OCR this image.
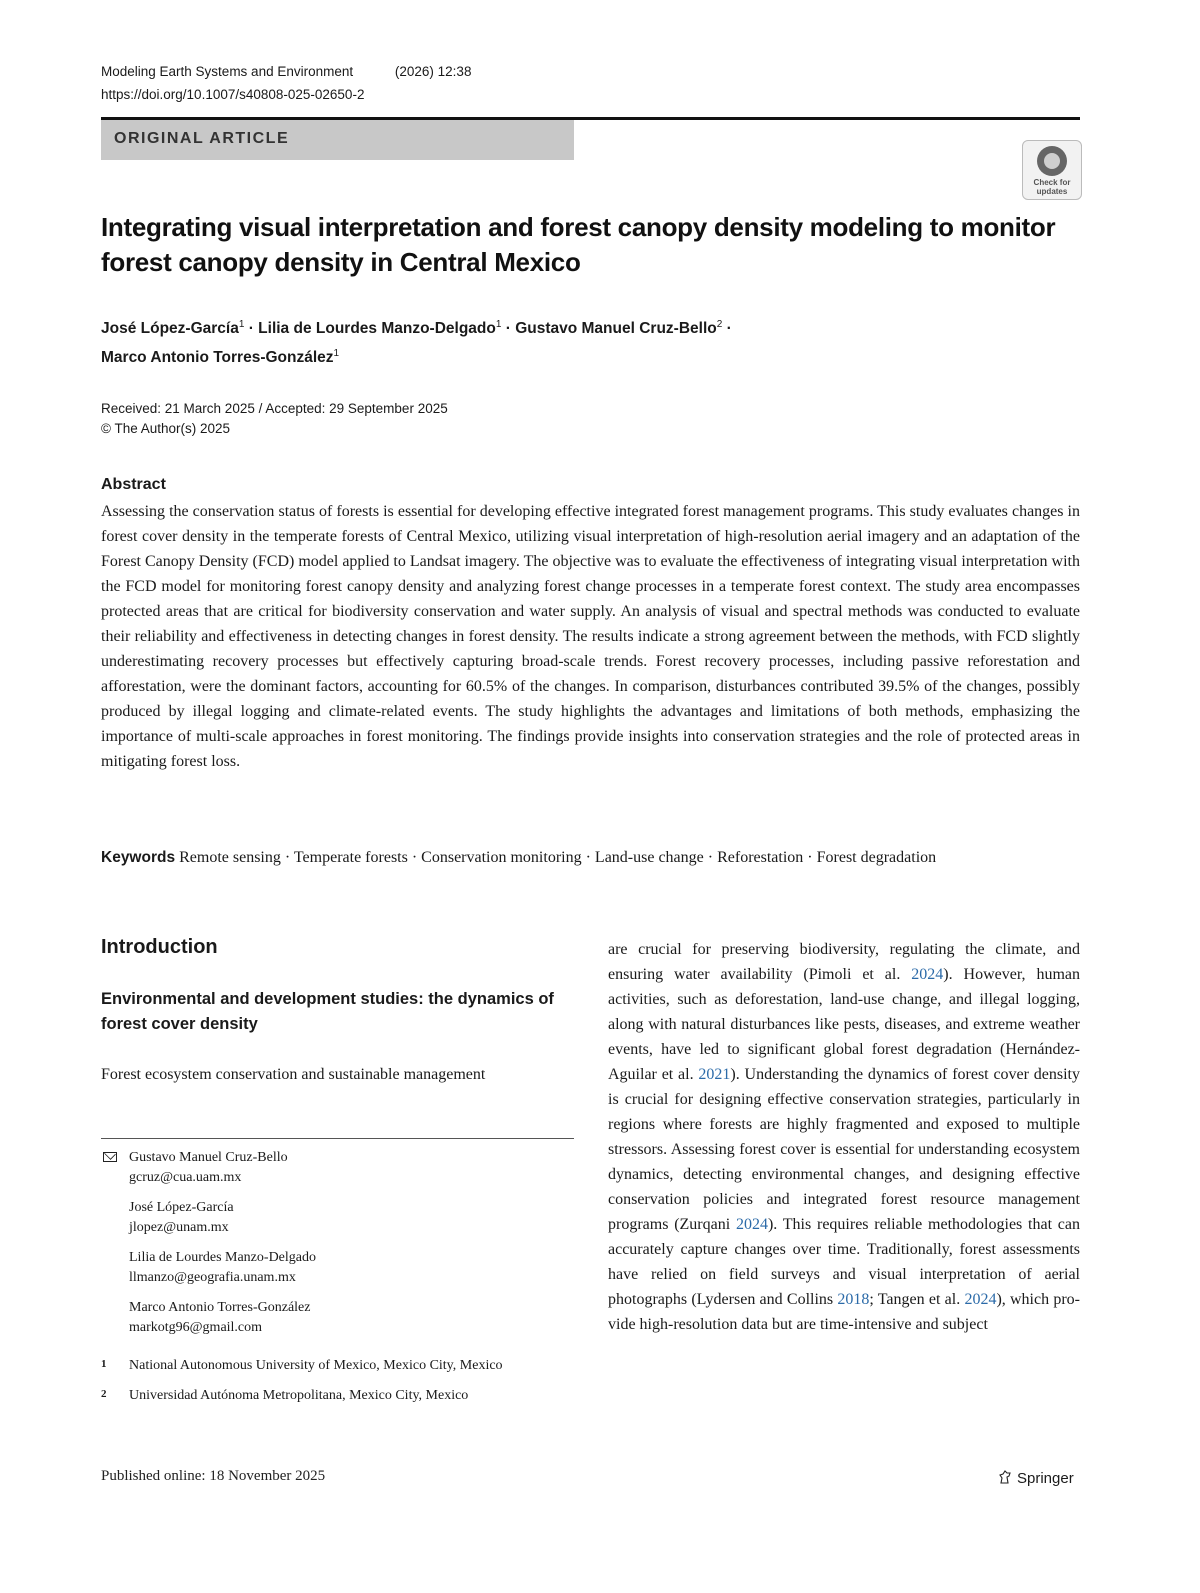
Modeling Earth Systems and Environment	(2026) 12:38
https://doi.org/10.1007/s40808-025-02650-2
ORIGINAL ARTICLE
Check for updates
Integrating visual interpretation and forest canopy density modeling to monitor forest canopy density in Central Mexico
José López-García$^1$ · Lilia de Lourdes Manzo-Delgado$^1$ · Gustavo Manuel Cruz-Bello$^2$ ·
Marco Antonio Torres-González$^1$
Received: 21 March 2025 / Accepted: 29 September 2025
© The Author(s) 2025
Abstract

Assessing the conservation status of forests is essential for developing effective integrated forest management programs. This study evaluates changes in forest cover density in the temperate forests of Central Mexico, utilizing visual interpretation of high-resolution aerial imagery and an adaptation of the Forest Canopy Density (FCD) model applied to Landsat imagery. The objective was to evaluate the effectiveness of integrating visual interpretation with the FCD model for monitoring forest canopy density and analyzing forest change processes in a temperate forest context. The study area encompasses protected areas that are critical for biodiversity conservation and water supply. An analysis of visual and spectral methods was conducted to evaluate their reliability and effectiveness in detecting changes in forest density. The results indicate a strong agreement between the methods, with FCD slightly underestimating recovery processes but effectively capturing broad-scale trends. Forest recovery processes, including passive reforestation and afforestation, were the dominant factors, accounting for 60.5% of the changes. In comparison, disturbances contributed 39.5% of the changes, possibly produced by illegal logging and climate-related events. The study highlights the advantages and limitations of both methods, emphasizing the importance of multi-scale approaches in forest monitoring. The findings provide insights into conservation strategies and the role of protected areas in mitigating forest loss.

Keywords Remote sensing · Temperate forests · Conservation monitoring · Land-use change · Reforestation · Forest degradation
Introduction
Environmental and development studies: the dynamics of forest cover density
Forest ecosystem conservation and sustainable management

are crucial for preserving biodiversity, regulating the climate, and ensuring water availability (Pimoli et al. 2024). However, human activities, such as deforestation, land-use change, and illegal logging, along with natural disturbances like pests, diseases, and extreme weather events, have led to significant global forest degradation (Hernández-Aguilar et al. 2021). Understanding the dynamics of forest cover density is crucial for designing effective conservation strategies, particularly in regions where forests are highly fragmented and exposed to multiple stressors. Assessing forest cover is essential for understanding ecosystem dynamics, detecting environmental changes, and designing effective conservation policies and integrated forest resource management programs (Zurqani 2024). This requires reliable methodologies that can accurately capture changes over time. Traditionally, forest assessments have relied on field surveys and visual interpretation of aerial photographs (Lydersen and Collins 2018; Tangen et al. 2024), which provide high-resolution data but are time-intensive and subject

Gustavo Manuel Cruz-Bello
gcruz@cua.uam.mx
José López-García
jlopez@unam.mx
Lilia de Lourdes Manzo-Delgado
llmanzo@geografia.unam.mx
Marco Antonio Torres-González
markotg96@gmail.com
1 National Autonomous University of Mexico, Mexico City, Mexico
2 Universidad Autónoma Metropolitana, Mexico City, Mexico
Published online: 18 November 2025	Springer
